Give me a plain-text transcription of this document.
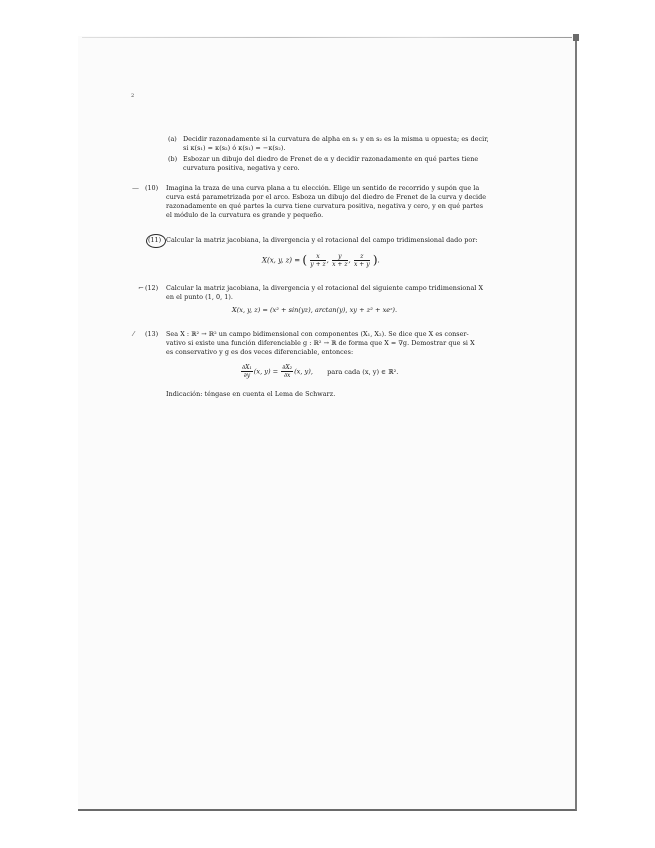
2
(a) Decidir razonadamente si la curvatura de alpha en s₁ y en s₂ es la misma u opuesta; es decir,
si κ(s₁) = κ(s₂) ó κ(s₁) = −κ(s₂).
(b) Esbozar un dibujo del diedro de Frenet de α y decidir razonadamente en qué partes tiene
curvatura positiva, negativa y cero.
— (10) Imagina la traza de una curva plana a tu elección. Elige un sentido de recorrido y supón que la
curva está parametrizada por el arco. Esboza un dibujo del diedro de Frenet de la curva y decide
razonadamente en qué partes la curva tiene curvatura positiva, negativa y cero, y en qué partes
el módulo de la curvatura es grande y pequeño.
(11) Calcular la matriz jacobiana, la divergencia y el rotacional del campo tridimensional dado por:
X(x, y, z) = ( $\frac{x}{y + z}$ , $\frac{y}{x + z}$ , $\frac{z}{x + y}$ ).
⌐ (12) Calcular la matriz jacobiana, la divergencia y el rotacional del siguiente campo tridimensional X
en el punto (1, 0, 1).
X(x, y, z) = (x² + sin(yz), arctan(y), xy + z² + xeᶻ).
⁄ (13) Sea X : ℝ² → ℝ² un campo bidimensional con componentes (X₁, X₂). Se dice que X es conser-
vativo si existe una función diferenciable g : ℝ² → ℝ de forma que X = ∇g. Demostrar que si X
es conservativo y g es dos veces diferenciable, entonces:
$\frac{\text{∂X₁}}{\partial y} (x$, $y) = \frac{\text{∂X₂}}{\partial x} (x$, y), para cada (x, y) ∈ ℝ².
Indicación: téngase en cuenta el Lema de Schwarz.
